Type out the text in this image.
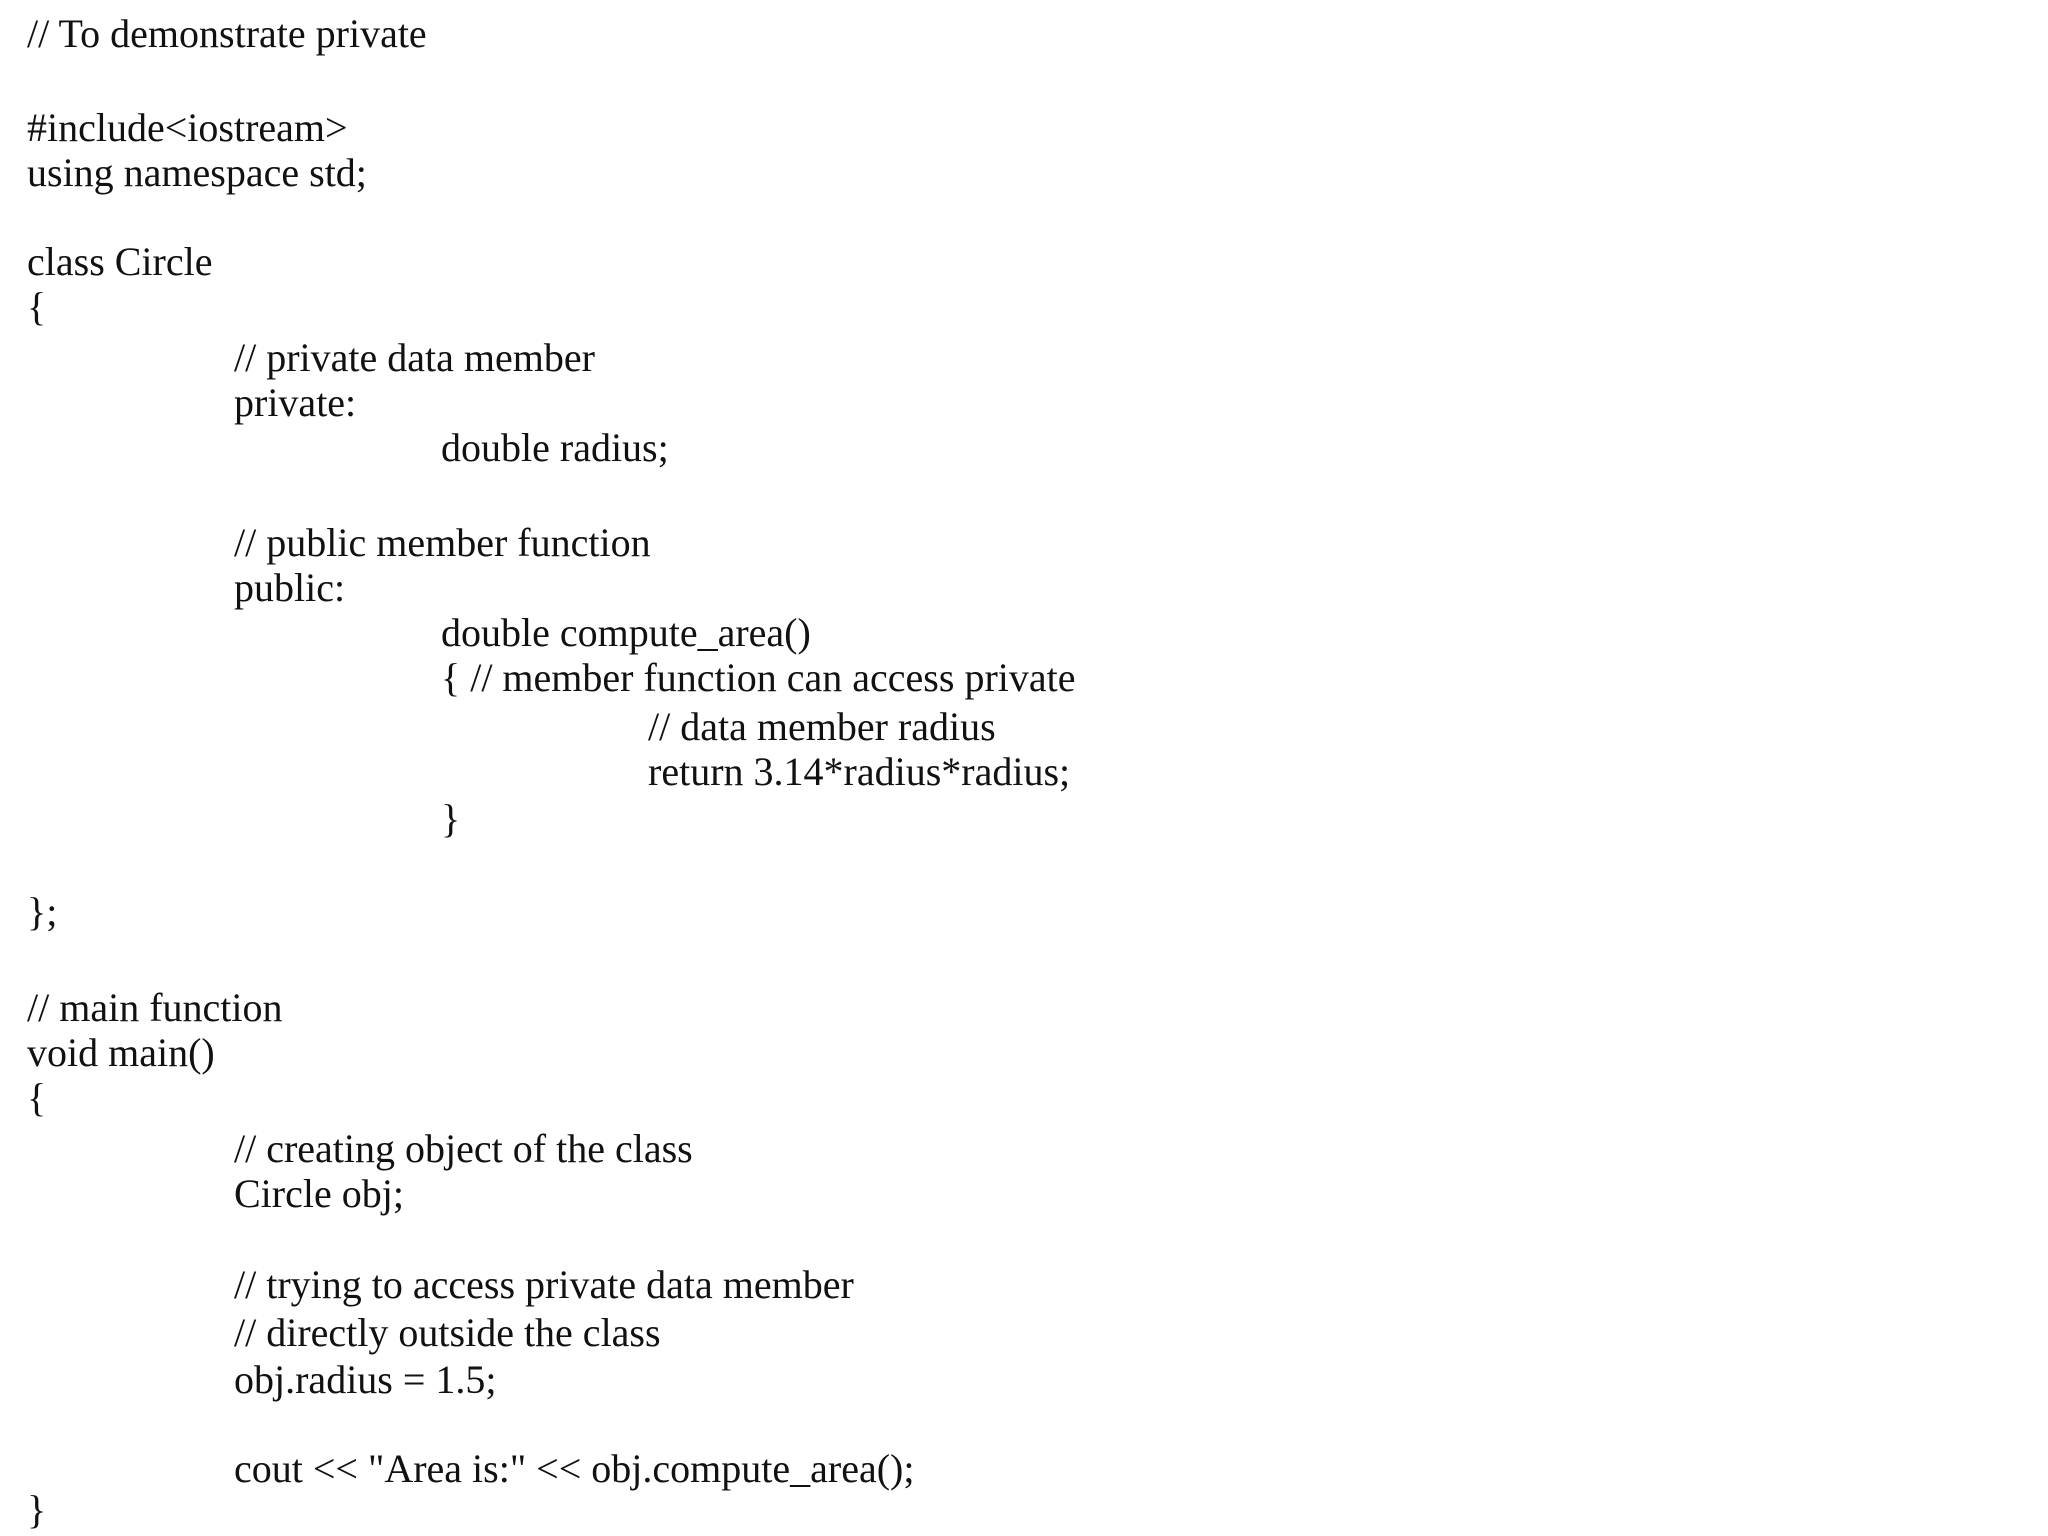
// To demonstrate private
#include<iostream>
using namespace std;
class Circle
{
// private data member
private:
double radius;
// public member function
public:
double compute_area()
{ // member function can access private
// data member radius
return 3.14*radius*radius;
}
};
// main function
void main()
{
// creating object of the class
Circle obj;
// trying to access private data member
// directly outside the class
obj.radius = 1.5;
cout << "Area is:" << obj.compute_area();
}
